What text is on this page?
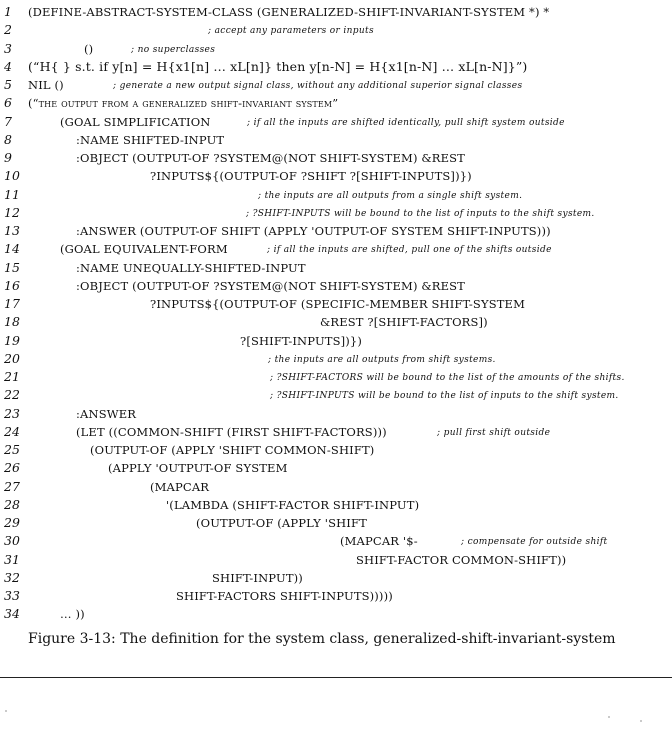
1	(DEFINE-ABSTRACT-SYSTEM-CLASS (GENERALIZED-SHIFT-INVARIANT-SYSTEM *) *
2	; accept any parameters or inputs
3	()	; no superclasses
4	(“H{ } s.t. if y[n] = H{x1[n] … xL[n]} then y[n-N] = H{x1[n-N] … xL[n-N]}”)
5	NIL ()	; generate a new output signal class, without any additional superior signal classes
6	(“the output from a generalized shift-invariant system”
7	(GOAL SIMPLIFICATION	; if all the inputs are shifted identically, pull shift system outside
8	:NAME SHIFTED-INPUT
9	:OBJECT (OUTPUT-OF ?SYSTEM@(NOT SHIFT-SYSTEM) &REST
10	?INPUTS${(OUTPUT-OF ?SHIFT ?[SHIFT-INPUTS])})
11	; the inputs are all outputs from a single shift system.
12	; ?SHIFT-INPUTS will be bound to the list of inputs to the shift system.
13	:ANSWER (OUTPUT-OF SHIFT (APPLY 'OUTPUT-OF SYSTEM SHIFT-INPUTS)))
14	(GOAL EQUIVALENT-FORM	; if all the inputs are shifted, pull one of the shifts outside
15	:NAME UNEQUALLY-SHIFTED-INPUT
16	:OBJECT (OUTPUT-OF ?SYSTEM@(NOT SHIFT-SYSTEM) &REST
17	?INPUTS${(OUTPUT-OF (SPECIFIC-MEMBER SHIFT-SYSTEM
18	&REST ?[SHIFT-FACTORS])
19	?[SHIFT-INPUTS])})
20	; the inputs are all outputs from shift systems.
21	; ?SHIFT-FACTORS will be bound to the list of the amounts of the shifts.
22	; ?SHIFT-INPUTS will be bound to the list of inputs to the shift system.
23	:ANSWER
24	(LET ((COMMON-SHIFT (FIRST SHIFT-FACTORS)))	; pull first shift outside
25	(OUTPUT-OF (APPLY 'SHIFT COMMON-SHIFT)
26	(APPLY 'OUTPUT-OF SYSTEM
27	(MAPCAR
28	'(LAMBDA (SHIFT-FACTOR SHIFT-INPUT)
29	(OUTPUT-OF (APPLY 'SHIFT
30	(MAPCAR '$-	; compensate for outside shift
31	SHIFT-FACTOR COMMON-SHIFT))
32	SHIFT-INPUT))
33	SHIFT-FACTORS SHIFT-INPUTS)))))
34	… ))
Figure 3-13: The definition for the system class, generalized-shift-invariant-system
